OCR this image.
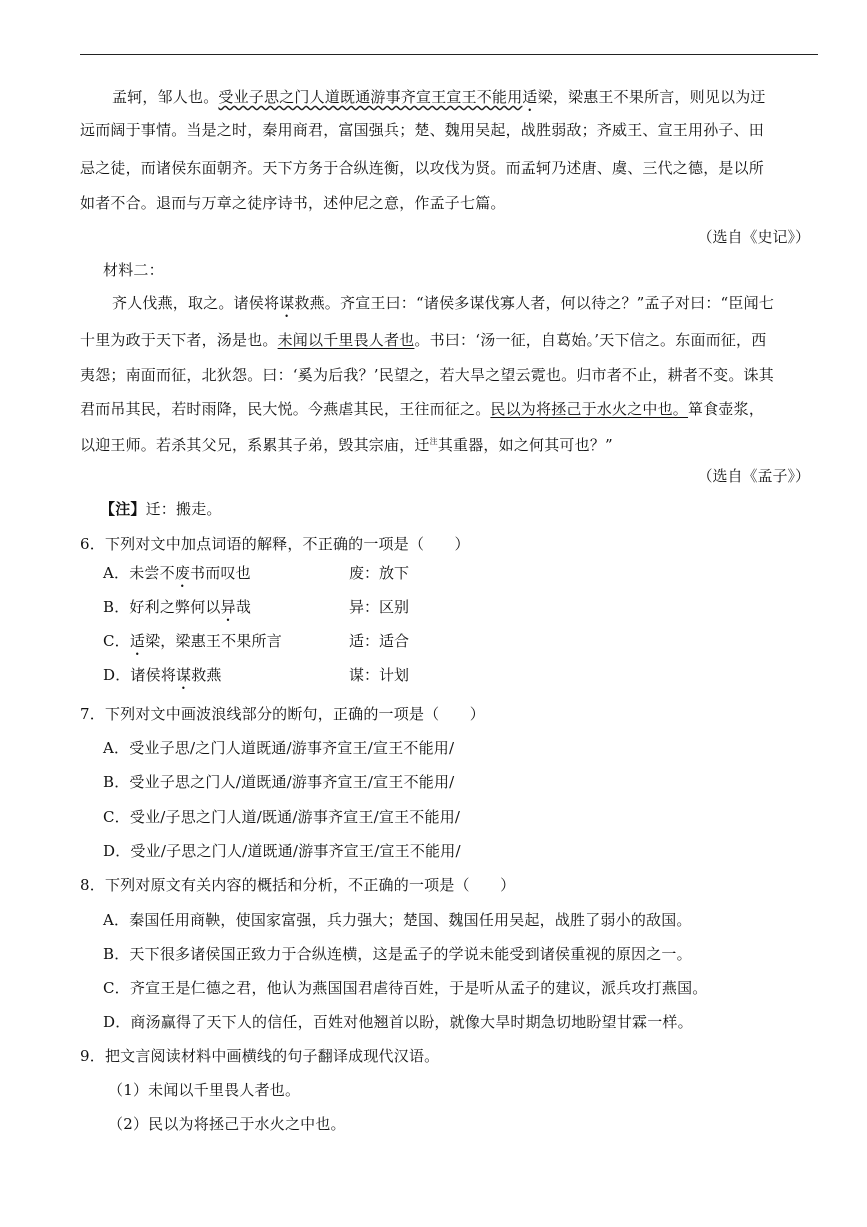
孟轲，邹人也。受业子思之门人道既通游事齐宣王宣王不能用适梁，梁惠王不果所言，则见以为迂
远而阔于事情。当是之时，秦用商君，富国强兵；楚、魏用吴起，战胜弱敌；齐威王、宣王用孙子、田
忌之徒，而诸侯东面朝齐。天下方务于合纵连衡，以攻伐为贤。而孟轲乃述唐、虞、三代之德，是以所
如者不合。退而与万章之徒序诗书，述仲尼之意，作孟子七篇。
（选自《史记》）
材料二：
齐人伐燕，取之。诸侯将谋救燕。齐宣王曰：“诸侯多谋伐寡人者，何以待之？”孟子对曰：“臣闻七
十里为政于天下者，汤是也。未闻以千里畏人者也。书曰：‘汤一征，自葛始。’天下信之。东面而征，西
夷怨；南面而征，北狄怨。曰：‘奚为后我？’民望之，若大旱之望云霓也。归市者不止，耕者不变。诛其
君而吊其民，若时雨降，民大悦。今燕虐其民，王往而征之。民以为将拯己于水火之中也。箪食壶浆，
以迎王师。若杀其父兄，系累其子弟，毁其宗庙，迁$^注$其重器，如之何其可也？”
（选自《孟子》）
【注】迁：搬走。
6．下列对文中加点词语的解释，不正确的一项是（　　）
A．未尝不废书而叹也	废：放下
B．好利之弊何以异哉	异：区别
C．适梁，梁惠王不果所言	适：适合
D．诸侯将谋救燕	谋：计划
7．下列对文中画波浪线部分的断句，正确的一项是（　　）
A．受业子思/之门人道既通/游事齐宣王/宣王不能用/
B．受业子思之门人/道既通/游事齐宣王/宣王不能用/
C．受业/子思之门人道/既通/游事齐宣王/宣王不能用/
D．受业/子思之门人/道既通/游事齐宣王/宣王不能用/
8．下列对原文有关内容的概括和分析，不正确的一项是（　　）
A．秦国任用商鞅，使国家富强，兵力强大；楚国、魏国任用吴起，战胜了弱小的敌国。
B．天下很多诸侯国正致力于合纵连横，这是孟子的学说未能受到诸侯重视的原因之一。
C．齐宣王是仁德之君，他认为燕国国君虐待百姓，于是听从孟子的建议，派兵攻打燕国。
D．商汤赢得了天下人的信任，百姓对他翘首以盼，就像大旱时期急切地盼望甘霖一样。
9．把文言阅读材料中画横线的句子翻译成现代汉语。
（1）未闻以千里畏人者也。
（2）民以为将拯己于水火之中也。
